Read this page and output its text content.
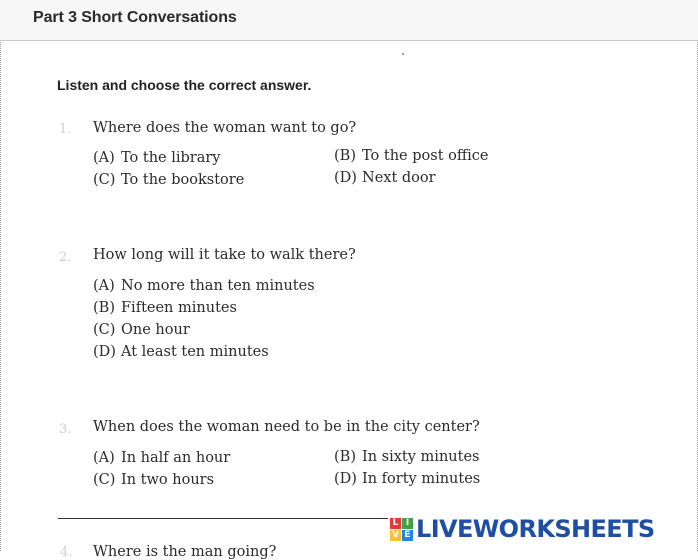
Part 3 Short Conversations
Listen and choose the correct answer.
1. Where does the woman want to go?
(A) To the library	(B) To the post office
(C) To the bookstore	(D) Next door
2. How long will it take to walk there?
(A) No more than ten minutes
(B) Fifteen minutes
(C) One hour
(D) At least ten minutes
3. When does the woman need to be in the city center?
(A) In half an hour	(B) In sixty minutes
(C) In two hours	(D) In forty minutes
4. Where is the man going?
L I
V E LIVEWORKSHEETS
